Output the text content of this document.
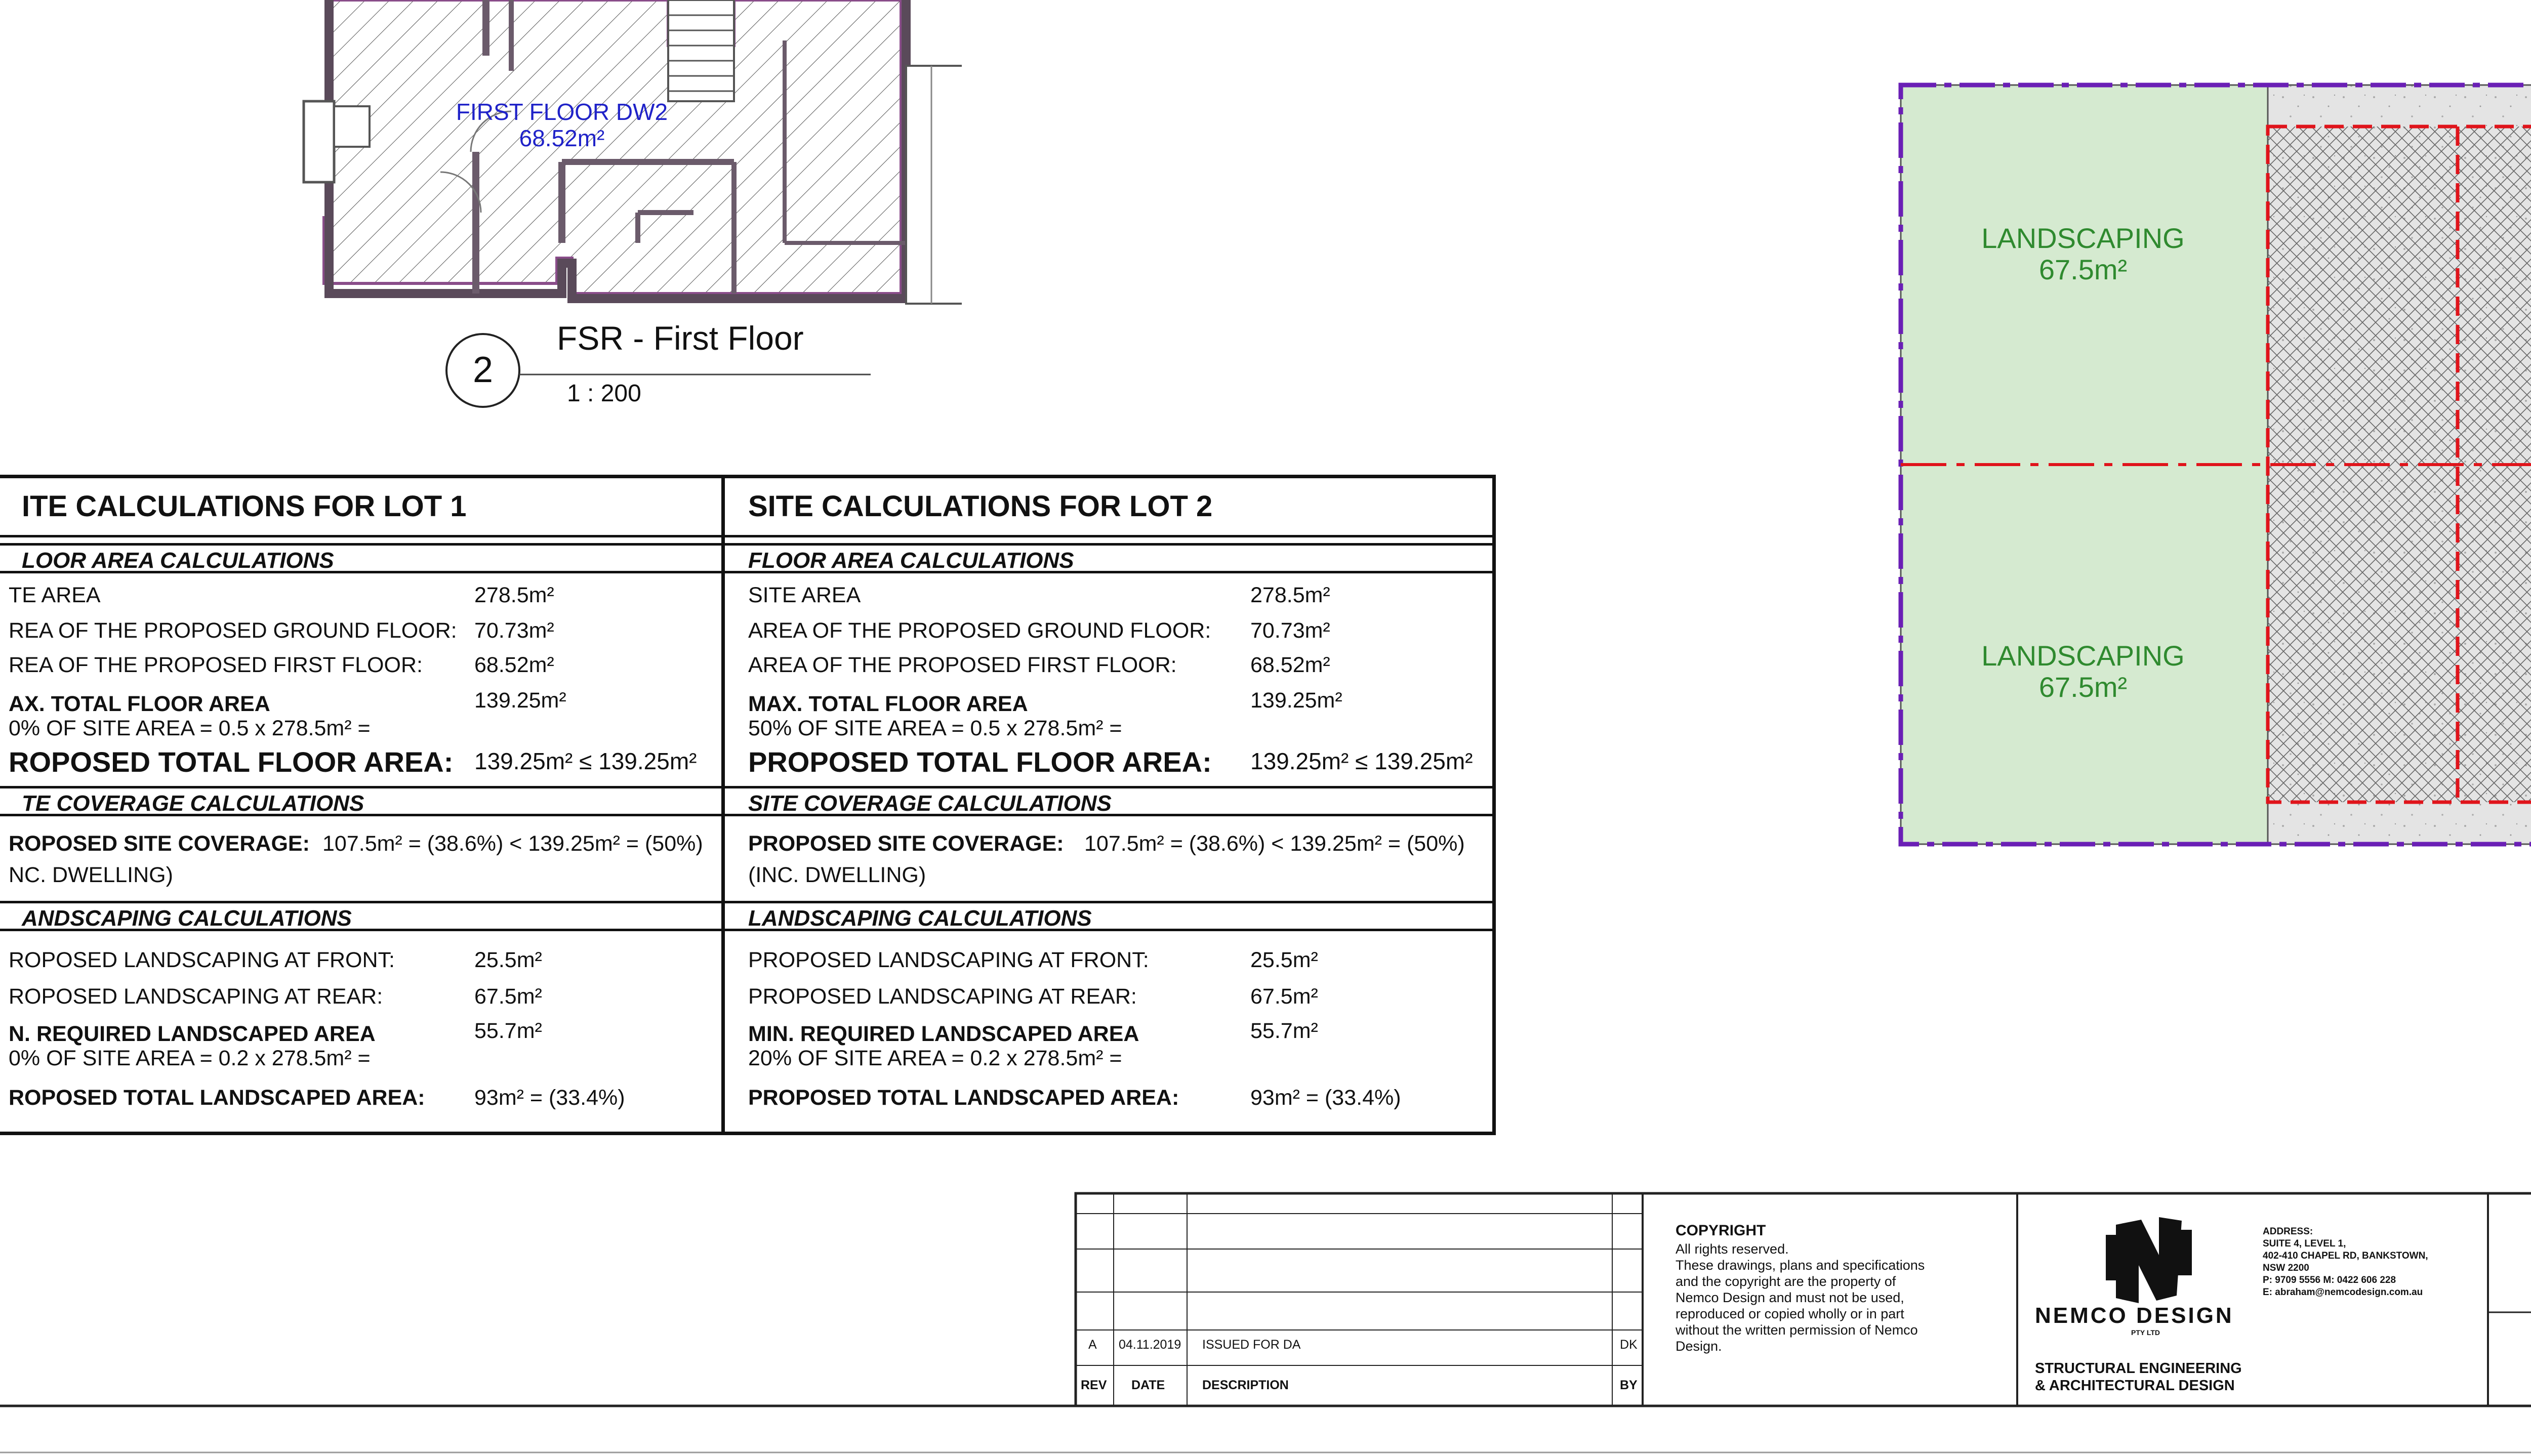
FIRST FLOOR DW2
68.52m²
2
FSR - First Floor
1 : 200
ITE CALCULATIONS FOR LOT 1
LOOR AREA CALCULATIONS
TE AREA	278.5m²
REA OF THE PROPOSED GROUND FLOOR: 70.73m²
REA OF THE PROPOSED FIRST FLOOR: 68.52m²
AX. TOTAL FLOOR AREA	139.25m²
0% OF SITE AREA = 0.5 x 278.5m² =
ROPOSED TOTAL FLOOR AREA: 139.25m² ≤ 139.25m²
TE COVERAGE CALCULATIONS
ROPOSED SITE COVERAGE: 107.5m² = (38.6%) < 139.25m² = (50%)
NC. DWELLING)
ANDSCAPING CALCULATIONS
ROPOSED LANDSCAPING AT FRONT:	25.5m²
ROPOSED LANDSCAPING AT REAR:	67.5m²
N. REQUIRED LANDSCAPED AREA	55.7m²
0% OF SITE AREA = 0.2 x 278.5m² =
ROPOSED TOTAL LANDSCAPED AREA: 93m² = (33.4%)
SITE CALCULATIONS FOR LOT 2
FLOOR AREA CALCULATIONS
SITE AREA	278.5m²
AREA OF THE PROPOSED GROUND FLOOR: 70.73m²
AREA OF THE PROPOSED FIRST FLOOR:	68.52m²
MAX. TOTAL FLOOR AREA	139.25m²
50% OF SITE AREA = 0.5 x 278.5m² =
PROPOSED TOTAL FLOOR AREA: 139.25m² ≤ 139.25m²
SITE COVERAGE CALCULATIONS
PROPOSED SITE COVERAGE: 107.5m² = (38.6%) < 139.25m² = (50%)
(INC. DWELLING)
LANDSCAPING CALCULATIONS
PROPOSED LANDSCAPING AT FRONT:	25.5m²
PROPOSED LANDSCAPING AT REAR:	67.5m²
MIN. REQUIRED LANDSCAPED AREA	55.7m²
20% OF SITE AREA = 0.2 x 278.5m² =
PROPOSED TOTAL LANDSCAPED AREA:	93m² = (33.4%)
LANDSCAPING
67.5m²
LANDSCAPING
67.5m²
A 04.11.2019 ISSUED FOR DA	DK
REV DATE	DESCRIPTION	BY
COPYRIGHT
All rights reserved.
These drawings, plans and specifications
and the copyright are the property of
Nemco Design and must not be used,
reproduced or copied wholly or in part
without the written permission of Nemco
Design.
NEMCO DESIGN
PTY LTD
STRUCTURAL ENGINEERING
& ARCHITECTURAL DESIGN
ADDRESS:
SUITE 4, LEVEL 1,
402-410 CHAPEL RD, BANKSTOWN,
NSW 2200
P: 9709 5556 M: 0422 606 228
E: abraham@nemcodesign.com.au
